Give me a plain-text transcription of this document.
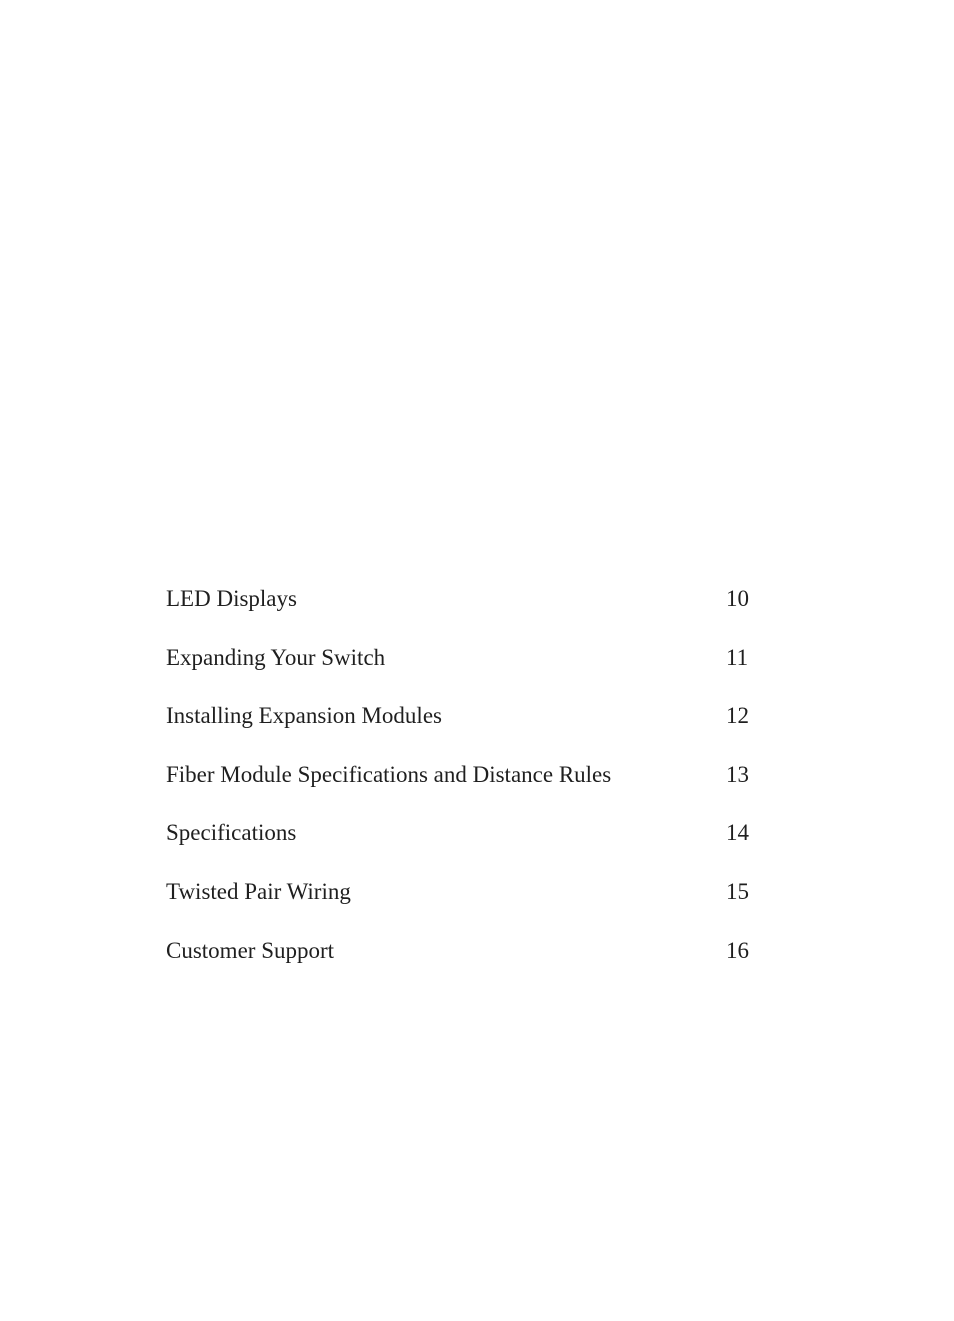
LED Displays	10
Expanding Your Switch	11
Installing Expansion Modules	12
Fiber Module Specifications and Distance Rules	13
Specifications	14
Twisted Pair Wiring	15
Customer Support	16
